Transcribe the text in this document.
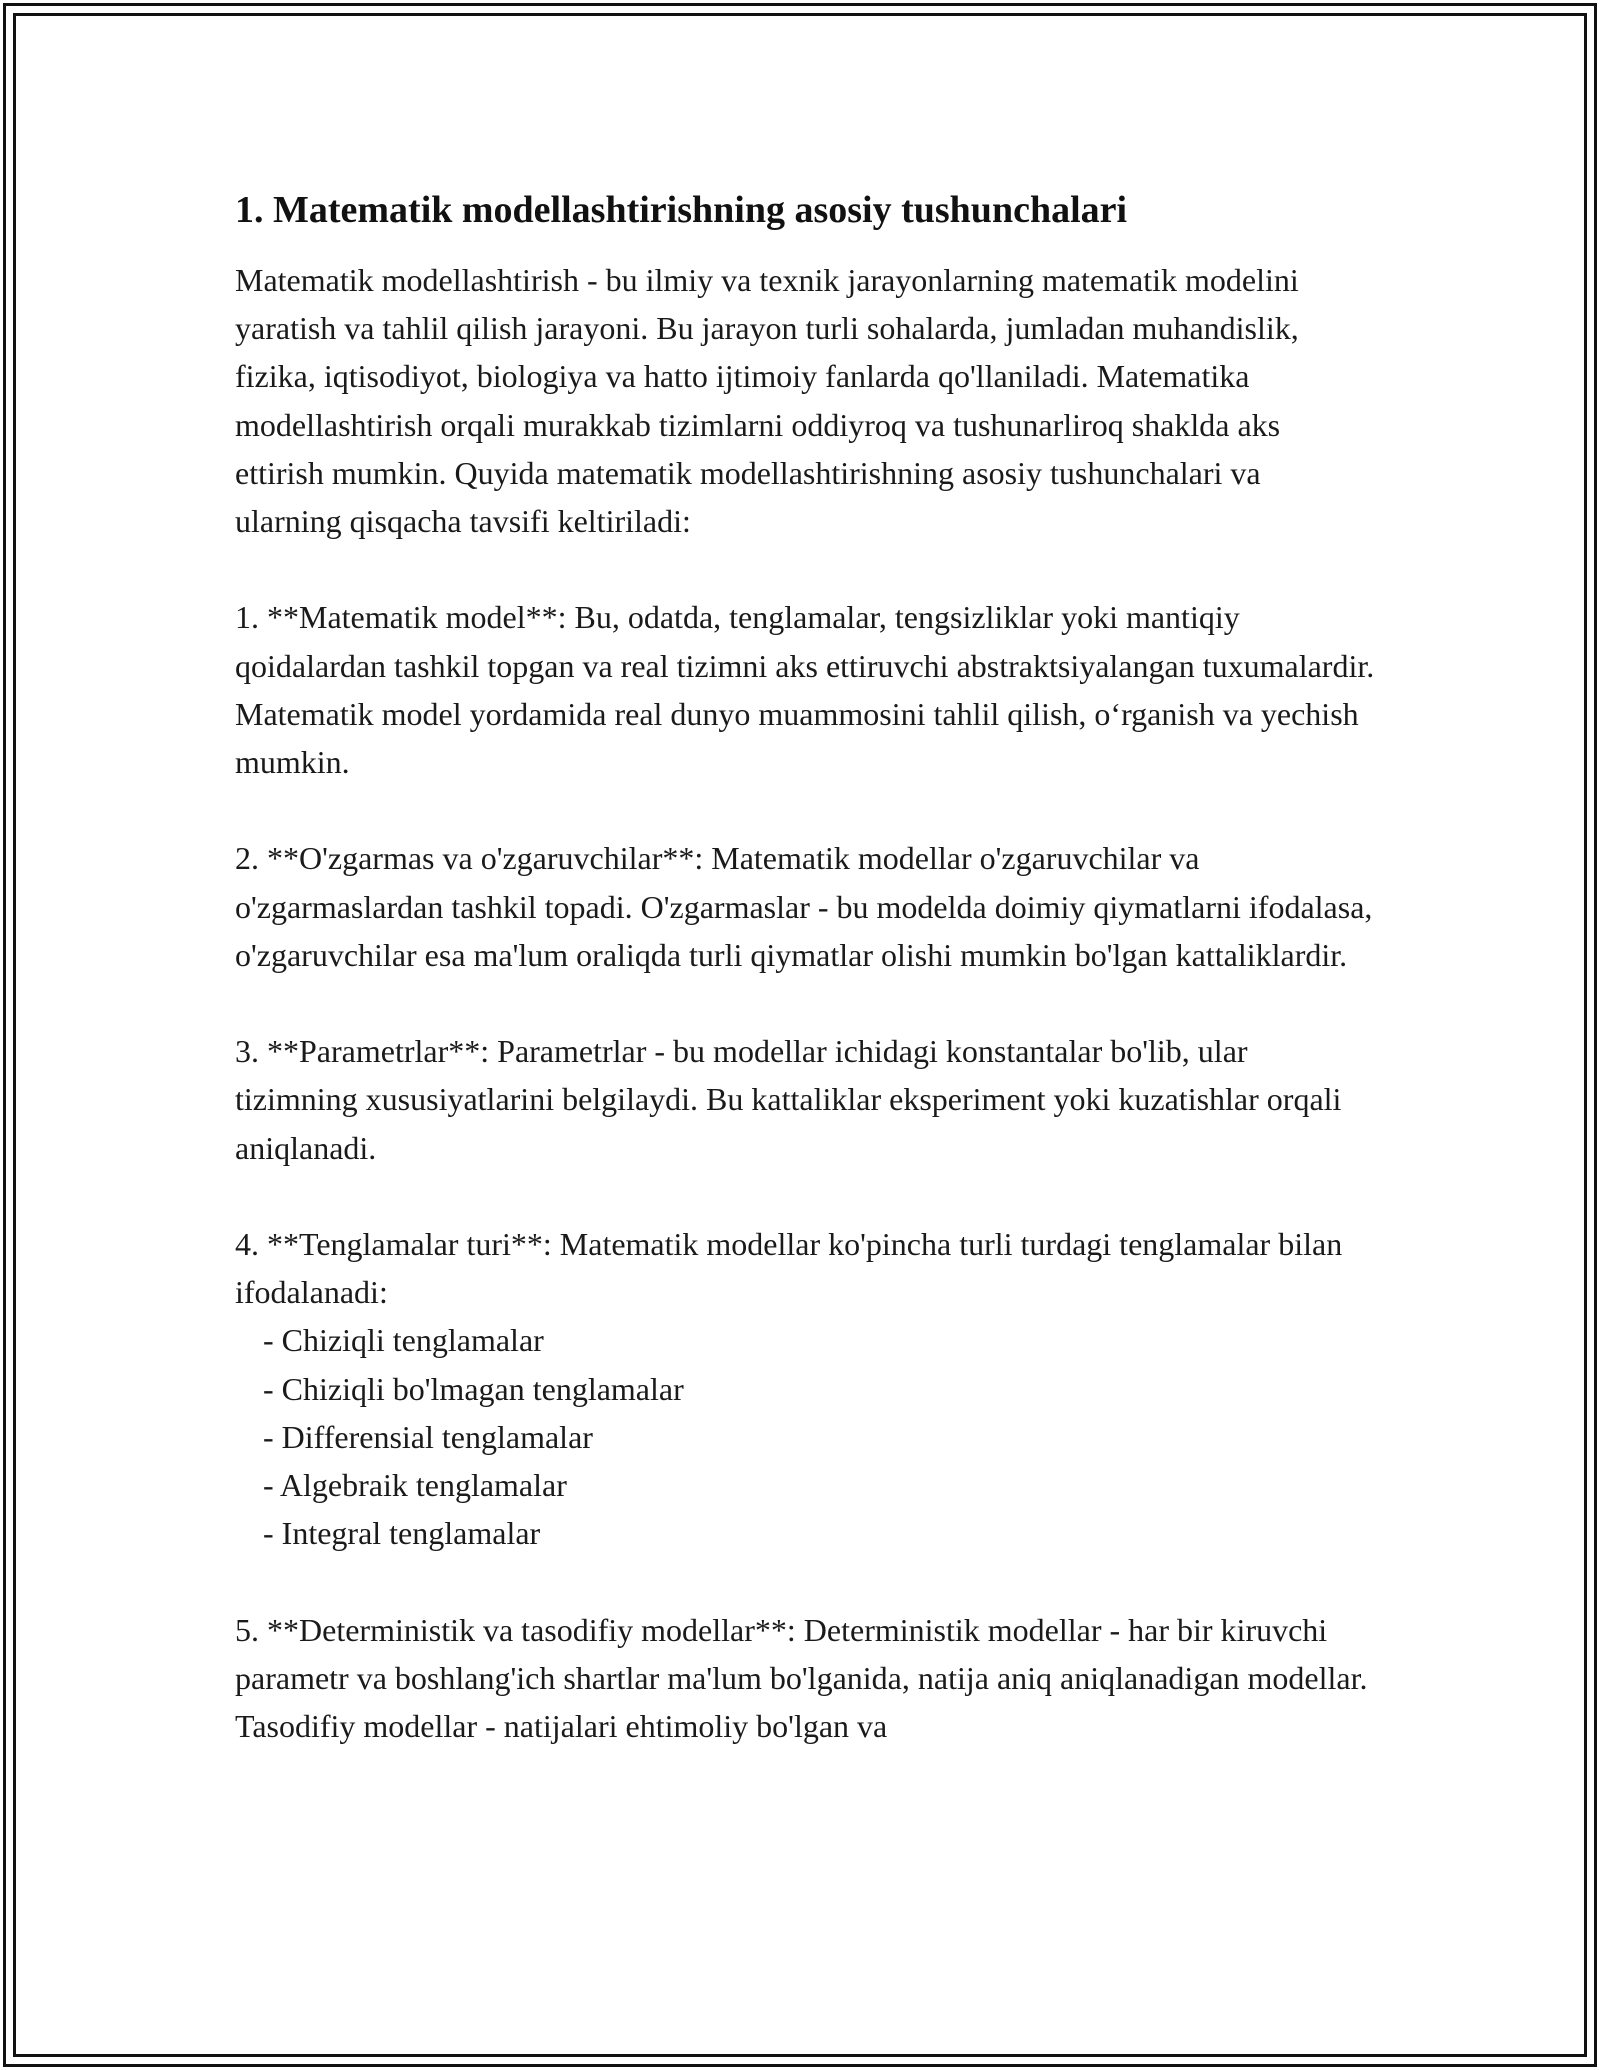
1. Matematik modellashtirishning asosiy tushunchalari

Matematik modellashtirish - bu ilmiy va texnik jarayonlarning matematik modelini yaratish va tahlil qilish jarayoni. Bu jarayon turli sohalarda, jumladan muhandislik, fizika, iqtisodiyot, biologiya va hatto ijtimoiy fanlarda qo'llaniladi. Matematika modellashtirish orqali murakkab tizimlarni oddiyroq va tushunarliroq shaklda aks ettirish mumkin. Quyida matematik modellashtirishning asosiy tushunchalari va ularning qisqacha tavsifi keltiriladi:

1. **Matematik model**: Bu, odatda, tenglamalar, tengsizliklar yoki mantiqiy qoidalardan tashkil topgan va real tizimni aks ettiruvchi abstraktsiyalangan tuxumalardir. Matematik model yordamida real dunyo muammosini tahlil qilish, oʻrganish va yechish mumkin.

2. **O'zgarmas va o'zgaruvchilar**: Matematik modellar o'zgaruvchilar va o'zgarmaslardan tashkil topadi. O'zgarmaslar - bu modelda doimiy qiymatlarni ifodalasa, o'zgaruvchilar esa ma'lum oraliqda turli qiymatlar olishi mumkin bo'lgan kattaliklardir.

3. **Parametrlar**: Parametrlar - bu modellar ichidagi konstantalar bo'lib, ular tizimning xususiyatlarini belgilaydi. Bu kattaliklar eksperiment yoki kuzatishlar orqali aniqlanadi.

4. **Tenglamalar turi**: Matematik modellar ko'pincha turli turdagi tenglamalar bilan ifodalanadi:

- Chiziqli tenglamalar
- Chiziqli bo'lmagan tenglamalar
- Differensial tenglamalar
- Algebraik tenglamalar
- Integral tenglamalar

5. **Deterministik va tasodifiy modellar**: Deterministik modellar - har bir kiruvchi parametr va boshlang'ich shartlar ma'lum bo'lganida, natija aniq aniqlanadigan modellar. Tasodifiy modellar - natijalari ehtimoliy bo'lgan va
